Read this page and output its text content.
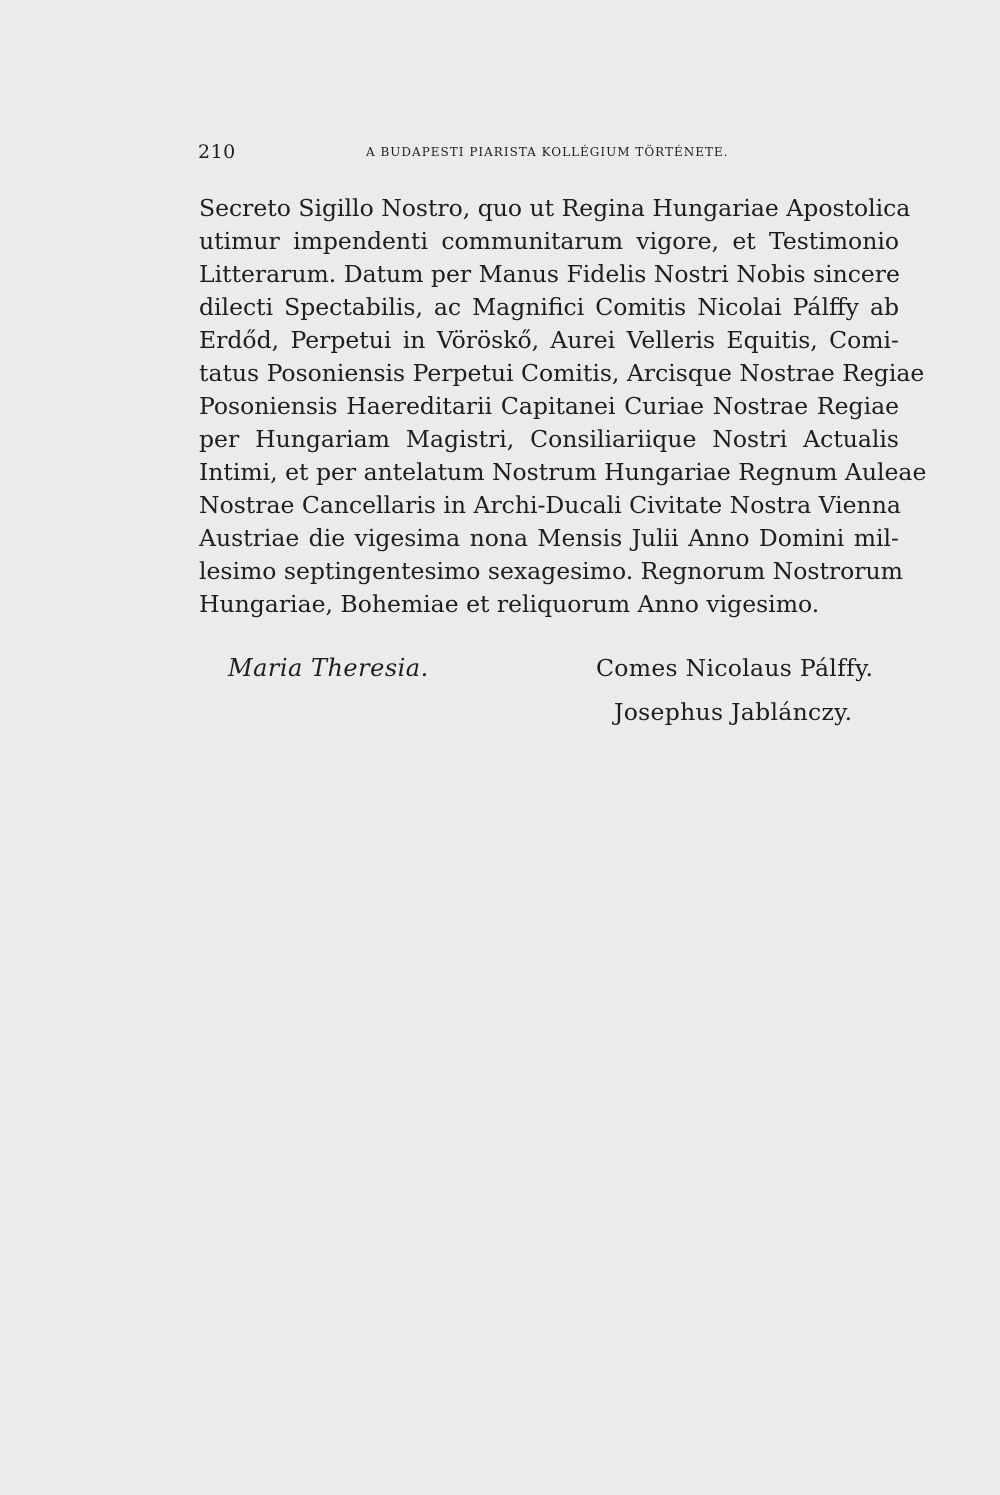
210	A BUDAPESTI PIARISTA KOLLÉGIUM TÖRTÉNETE.
Secreto Sigillo Nostro, quo ut Regina Hungariae Apostolica
utimur impendenti communitarum vigore, et Testimonio
Litterarum. Datum per Manus Fidelis Nostri Nobis sincere
dilecti Spectabilis, ac Magnifici Comitis Nicolai Pálffy ab
Erdőd, Perpetui in Vöröskő, Aurei Velleris Equitis, Comi-
tatus Posoniensis Perpetui Comitis, Arcisque Nostrae Regiae
Posoniensis Haereditarii Capitanei Curiae Nostrae Regiae
per Hungariam Magistri, Consiliariique Nostri Actualis
Intimi, et per antelatum Nostrum Hungariae Regnum Auleae
Nostrae Cancellaris in Archi-Ducali Civitate Nostra Vienna
Austriae die vigesima nona Mensis Julii Anno Domini mil-
lesimo septingentesimo sexagesimo. Regnorum Nostrorum
Hungariae, Bohemiae et reliquorum Anno vigesimo.
Maria Theresia.	Comes Nicolaus Pálffy.
Josephus Jablánczy.
